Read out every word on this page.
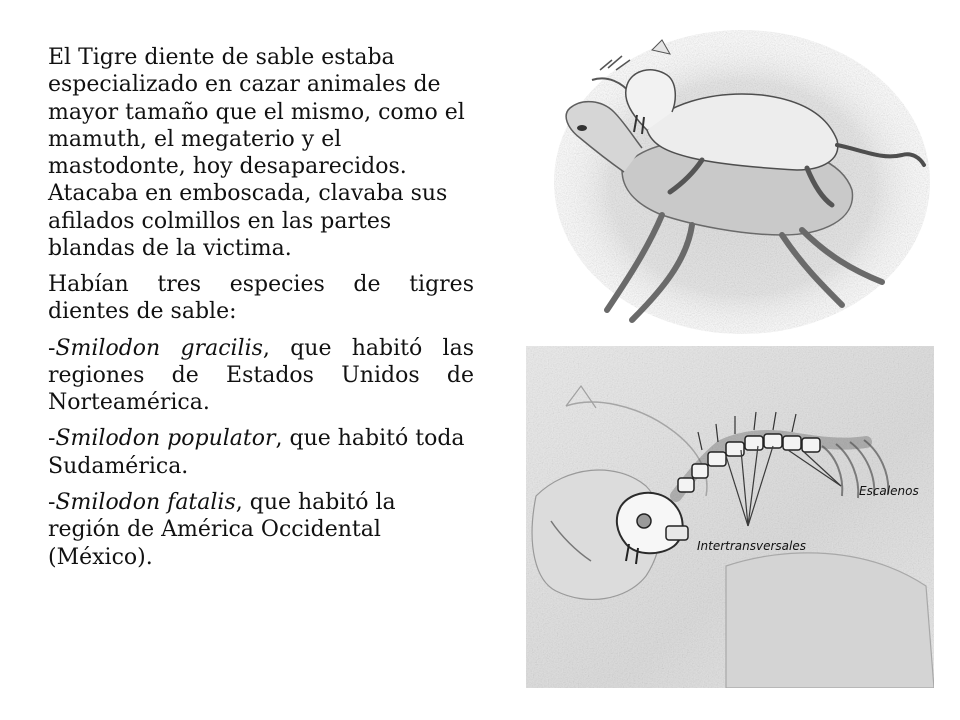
El Tigre diente de sable estaba especializado en cazar animales de mayor tamaño que el mismo, como el mamuth, el megaterio y el mastodonte, hoy desaparecidos. Atacaba en emboscada, clavaba sus afilados colmillos en las partes blandas de la victima.

Habían tres especies de tigres dientes de sable:

-Smilodon gracilis, que habitó las regiones de Estados Unidos de Norteamérica.

-Smilodon populator, que habitó toda Sudamérica.

-Smilodon fatalis, que habitó la región de América Occidental (México).

Escalenos
Intertransversales
